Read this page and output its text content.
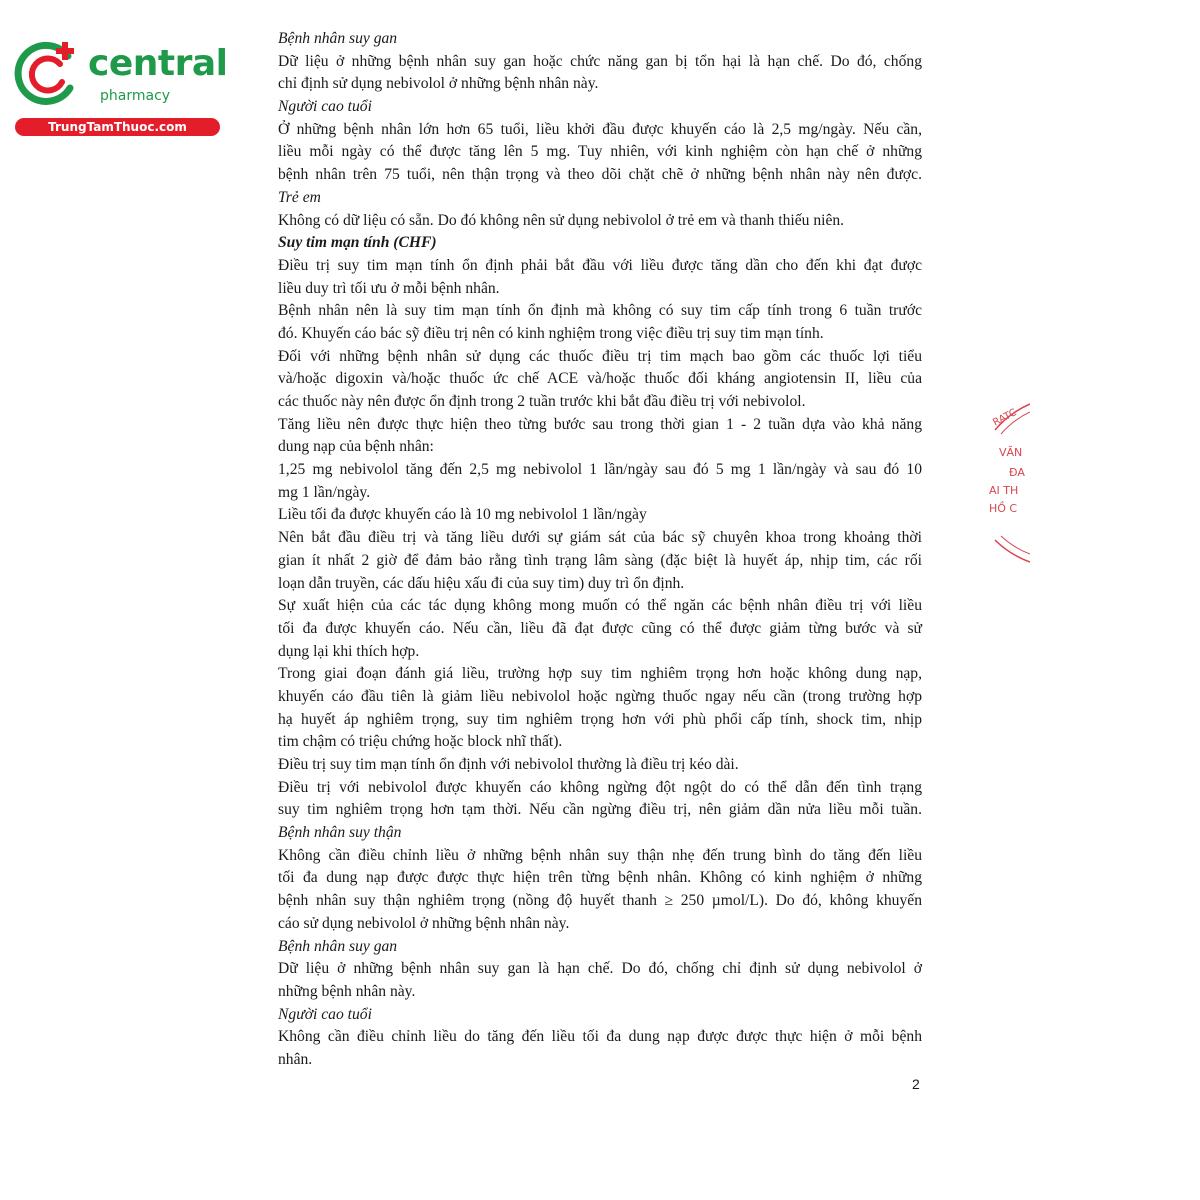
central
pharmacy
TrungTamThuoc.com
Bệnh nhân suy gan
Dữ liệu ở những bệnh nhân suy gan hoặc chức năng gan bị tổn hại là hạn chế. Do đó, chống
chỉ định sử dụng nebivolol ở những bệnh nhân này.
Người cao tuổi
Ở những bệnh nhân lớn hơn 65 tuổi, liều khởi đầu được khuyến cáo là 2,5 mg/ngày. Nếu cần,
liều mỗi ngày có thể được tăng lên 5 mg. Tuy nhiên, với kinh nghiệm còn hạn chế ở những
bệnh nhân trên 75 tuổi, nên thận trọng và theo dõi chặt chẽ ở những bệnh nhân này nên được.
Trẻ em
Không có dữ liệu có sẵn. Do đó không nên sử dụng nebivolol ở trẻ em và thanh thiếu niên.
Suy tim mạn tính (CHF)
Điều trị suy tim mạn tính ổn định phải bắt đầu với liều được tăng dần cho đến khi đạt được
liều duy trì tối ưu ở mỗi bệnh nhân.
Bệnh nhân nên là suy tim mạn tính ổn định mà không có suy tim cấp tính trong 6 tuần trước
đó. Khuyến cáo bác sỹ điều trị nên có kinh nghiệm trong việc điều trị suy tim mạn tính.
Đối với những bệnh nhân sử dụng các thuốc điều trị tim mạch bao gồm các thuốc lợi tiểu
và/hoặc digoxin và/hoặc thuốc ức chế ACE và/hoặc thuốc đối kháng angiotensin II, liều của
các thuốc này nên được ổn định trong 2 tuần trước khi bắt đầu điều trị với nebivolol.
Tăng liều nên được thực hiện theo từng bước sau trong thời gian 1 - 2 tuần dựa vào khả năng
dung nạp của bệnh nhân:
1,25 mg nebivolol tăng đến 2,5 mg nebivolol 1 lần/ngày sau đó 5 mg 1 lần/ngày và sau đó 10
mg 1 lần/ngày.
Liều tối đa được khuyến cáo là 10 mg nebivolol 1 lần/ngày
Nên bắt đầu điều trị và tăng liều dưới sự giám sát của bác sỹ chuyên khoa trong khoảng thời
gian ít nhất 2 giờ để đảm bảo rằng tình trạng lâm sàng (đặc biệt là huyết áp, nhịp tim, các rối
loạn dẫn truyền, các dấu hiệu xấu đi của suy tim) duy trì ổn định.
Sự xuất hiện của các tác dụng không mong muốn có thể ngăn các bệnh nhân điều trị với liều
tối đa được khuyến cáo. Nếu cần, liều đã đạt được cũng có thể được giảm từng bước và sử
dụng lại khi thích hợp.
Trong giai đoạn đánh giá liều, trường hợp suy tim nghiêm trọng hơn hoặc không dung nạp,
khuyến cáo đầu tiên là giảm liều nebivolol hoặc ngừng thuốc ngay nếu cần (trong trường hợp
hạ huyết áp nghiêm trọng, suy tim nghiêm trọng hơn với phù phổi cấp tính, shock tim, nhịp
tim chậm có triệu chứng hoặc block nhĩ thất).
Điều trị suy tim mạn tính ổn định với nebivolol thường là điều trị kéo dài.
Điều trị với nebivolol được khuyến cáo không ngừng đột ngột do có thể dẫn đến tình trạng
suy tim nghiêm trọng hơn tạm thời. Nếu cần ngừng điều trị, nên giảm dần nửa liều mỗi tuần.
Bệnh nhân suy thận
Không cần điều chỉnh liều ở những bệnh nhân suy thận nhẹ đến trung bình do tăng đến liều
tối đa dung nạp được được thực hiện trên từng bệnh nhân. Không có kinh nghiệm ở những
bệnh nhân suy thận nghiêm trọng (nồng độ huyết thanh ≥ 250 µmol/L). Do đó, không khuyến
cáo sử dụng nebivolol ở những bệnh nhân này.
Bệnh nhân suy gan
Dữ liệu ở những bệnh nhân suy gan là hạn chế. Do đó, chống chỉ định sử dụng nebivolol ở
những bệnh nhân này.
Người cao tuổi
Không cần điều chỉnh liều do tăng đến liều tối đa dung nạp được được thực hiện ở mỗi bệnh
nhân.
2
RATC
VĂN
ĐA
AI TH
HỒ C
